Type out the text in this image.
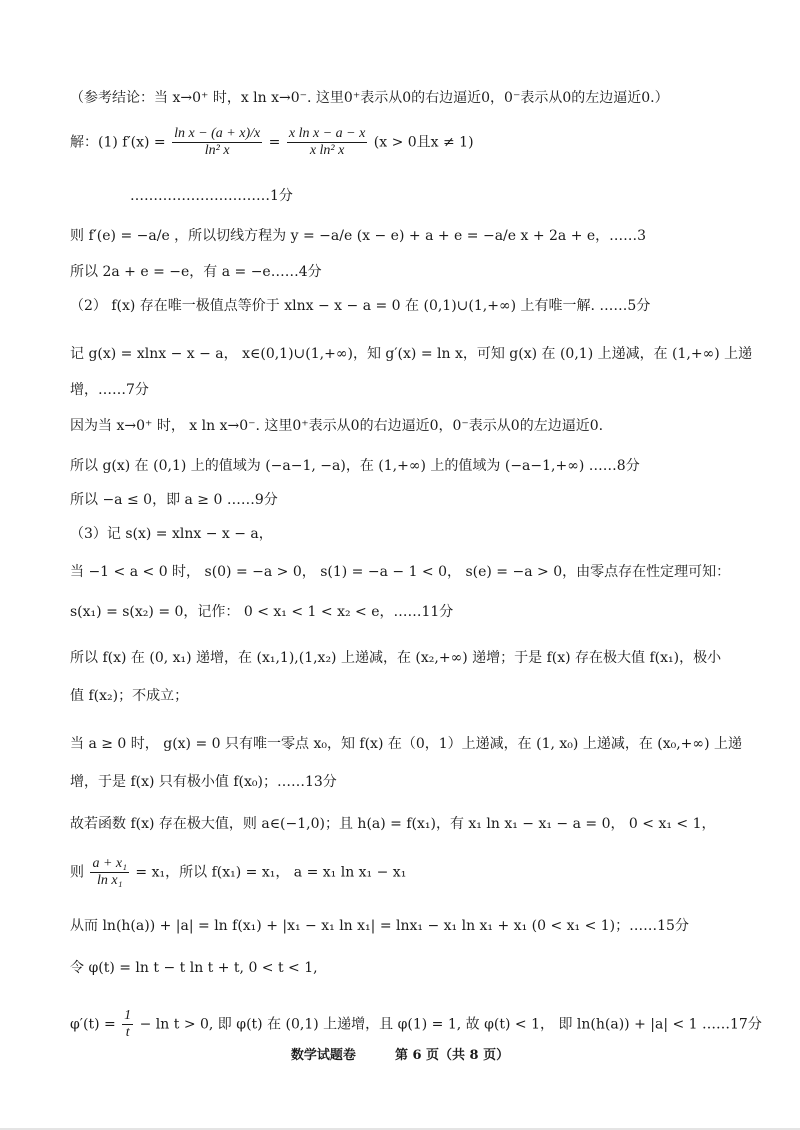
（参考结论：当 x→0⁺ 时，x ln x→0⁻. 这里0⁺表示从0的右边逼近0，0⁻表示从0的左边逼近0.）
解：(1) $f'(x) = \frac{\text{ln x − (a + x)/x}}{\text{ln² x}} = \frac{\text{x ln x − a − x}}{\text{x ln² x}} (x > 0$且x ≠ 1)
…………………………1分
则 f′(e) = −a/e ，所以切线方程为 y = −a/e (x − e) + a + e = −a/e x + 2a + e，……3
所以 2a + e = −e，有 a = −e……4分
（2） f(x) 存在唯一极值点等价于 xlnx − x − a = 0 在 (0,1)∪(1,+∞) 上有唯一解. ……5分
记 g(x) = xlnx − x − a， x∈(0,1)∪(1,+∞)，知 g′(x) = ln x，可知 g(x) 在 (0,1) 上递减，在 (1,+∞) 上递
增，……7分
因为当 x→0⁺ 时， x ln x→0⁻. 这里0⁺表示从0的右边逼近0，0⁻表示从0的左边逼近0.
所以 g(x) 在 (0,1) 上的值域为 (−a−1, −a)，在 (1,+∞) 上的值域为 (−a−1,+∞) ……8分
所以 −a ≤ 0，即 a ≥ 0 ……9分
（3）记 s(x) = xlnx − x − a，
当 −1 < a < 0 时， s(0) = −a > 0， s(1) = −a − 1 < 0， s(e) = −a > 0，由零点存在性定理可知：
s(x₁) = s(x₂) = 0，记作： 0 < x₁ < 1 < x₂ < e，……11分
所以 f(x) 在 (0, x₁) 递增，在 (x₁,1),(1,x₂) 上递减，在 (x₂,+∞) 递增；于是 f(x) 存在极大值 f(x₁)，极小
值 f(x₂)；不成立；
当 a ≥ 0 时， g(x) = 0 只有唯一零点 x₀，知 f(x) 在（0，1）上递减，在 (1, x₀) 上递减，在 (x₀,+∞) 上递
增，于是 f(x) 只有极小值 f(x₀)；……13分
故若函数 f(x) 存在极大值，则 a∈(−1,0)；且 h(a) = f(x₁)，有 x₁ ln x₁ − x₁ − a = 0， 0 < x₁ < 1，
则 $\frac{\text{a + x₁}}{\text{ln x₁}} = x_1$，所以 f(x₁) = x₁， a = x₁ ln x₁ − x₁
从而 ln(h(a)) + |a| = ln f(x₁) + |x₁ − x₁ ln x₁| = lnx₁ − x₁ ln x₁ + x₁ (0 < x₁ < 1)；……15分
令 φ(t) = ln t − t ln t + t, 0 < t < 1,
$\varphi'(t) = \frac{1}{t} - \ln t > 0$, 即 φ(t) 在 (0,1) 上递增，且 φ(1) = 1, 故 φ(t) < 1， 即 ln(h(a)) + |a| < 1 ……17分
数学试题卷	第 6 页（共 8 页）
